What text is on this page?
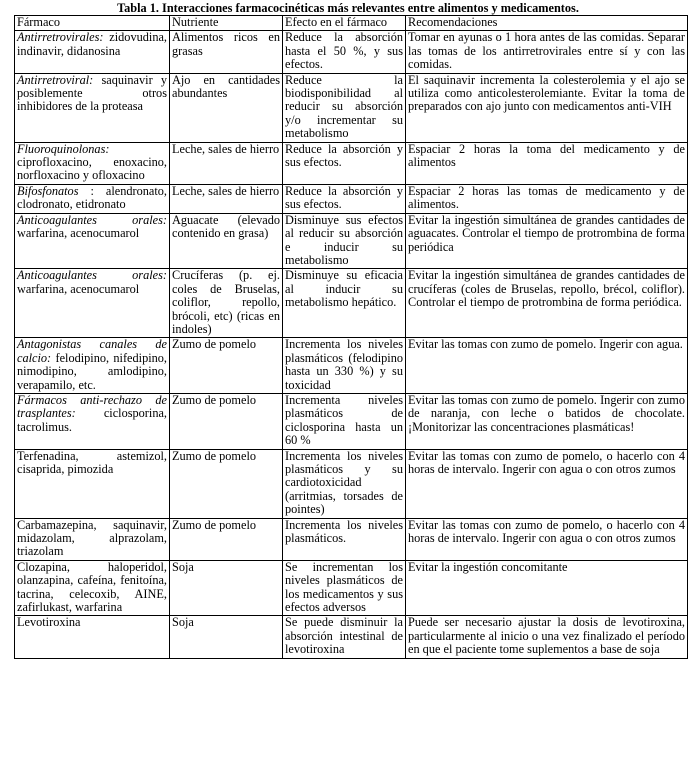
Tabla 1. Interacciones farmacocinéticas más relevantes entre alimentos y medicamentos.
Fármaco	Nutriente	Efecto en el fármaco	Recomendaciones
Antirretrovirales: zidovudina, indinavir, didanosina	Alimentos ricos en grasas	Reduce la absorción hasta el 50 %, y sus efectos.	Tomar en ayunas o 1 hora antes de las comidas. Separar las tomas de los antirretrovirales entre sí y con las comidas.
Antirretroviral: saquinavir y posiblemente otros inhibidores de la proteasa	Ajo en cantidades abundantes	Reduce la biodisponibilidad al reducir su absorción y/o incrementar su metabolismo	El saquinavir incrementa la colesterolemia y el ajo se utiliza como anticolesterolemiante. Evitar la toma de preparados con ajo junto con medicamentos anti-VIH
Fluoroquinolonas: ciprofloxacino, enoxacino, norfloxacino y ofloxacino	Leche, sales de hierro	Reduce la absorción y sus efectos.	Espaciar 2 horas la toma del medicamento y de alimentos
Bifosfonatos : alendronato, clodronato, etidronato	Leche, sales de hierro	Reduce la absorción y sus efectos.	Espaciar 2 horas las tomas de medicamento y de alimentos.
Anticoagulantes orales: warfarina, acenocumarol	Aguacate (elevado contenido en grasa)	Disminuye sus efectos al reducir su absorción e inducir su metabolismo	Evitar la ingestión simultánea de grandes cantidades de aguacates. Controlar el tiempo de protrombina de forma periódica
Anticoagulantes orales: warfarina, acenocumarol	Crucíferas (p. ej. coles de Bruselas, coliflor, repollo, brócoli, etc) (ricas en indoles)	Disminuye su eficacia al inducir su metabolismo hepático.	Evitar la ingestión simultánea de grandes cantidades de crucíferas (coles de Bruselas, repollo, brécol, coliflor). Controlar el tiempo de protrombina de forma periódica.
Antagonistas canales de calcio: felodipino, nifedipino, nimodipino, amlodipino, verapamilo, etc.	Zumo de pomelo	Incrementa los niveles plasmáticos (felodipino hasta un 330 %) y su toxicidad	Evitar las tomas con zumo de pomelo. Ingerir con agua.
Fármacos anti-rechazo de trasplantes: ciclosporina, tacrolimus.	Zumo de pomelo	Incrementa niveles plasmáticos de ciclosporina hasta un 60 %	Evitar las tomas con zumo de pomelo. Ingerir con zumo de naranja, con leche o batidos de chocolate. ¡Monitorizar las concentraciones plasmáticas!
Terfenadina, astemizol, cisaprida, pimozida	Zumo de pomelo	Incrementa los niveles plasmáticos y su cardiotoxicidad (arritmias, torsades de pointes)	Evitar las tomas con zumo de pomelo, o hacerlo con 4 horas de intervalo. Ingerir con agua o con otros zumos
Carbamazepina, saquinavir, midazolam, alprazolam, triazolam	Zumo de pomelo	Incrementa los niveles plasmáticos.	Evitar las tomas con zumo de pomelo, o hacerlo con 4 horas de intervalo. Ingerir con agua o con otros zumos
Clozapina, haloperidol, olanzapina, cafeína, fenitoína, tacrina, celecoxib, AINE, zafirlukast, warfarina	Soja	Se incrementan los niveles plasmáticos de los medicamentos y sus efectos adversos	Evitar la ingestión concomitante
Levotiroxina	Soja	Se puede disminuir la absorción intestinal de levotiroxina	Puede ser necesario ajustar la dosis de levotiroxina, particularmente al inicio o una vez finalizado el período en que el paciente tome suplementos a base de soja
